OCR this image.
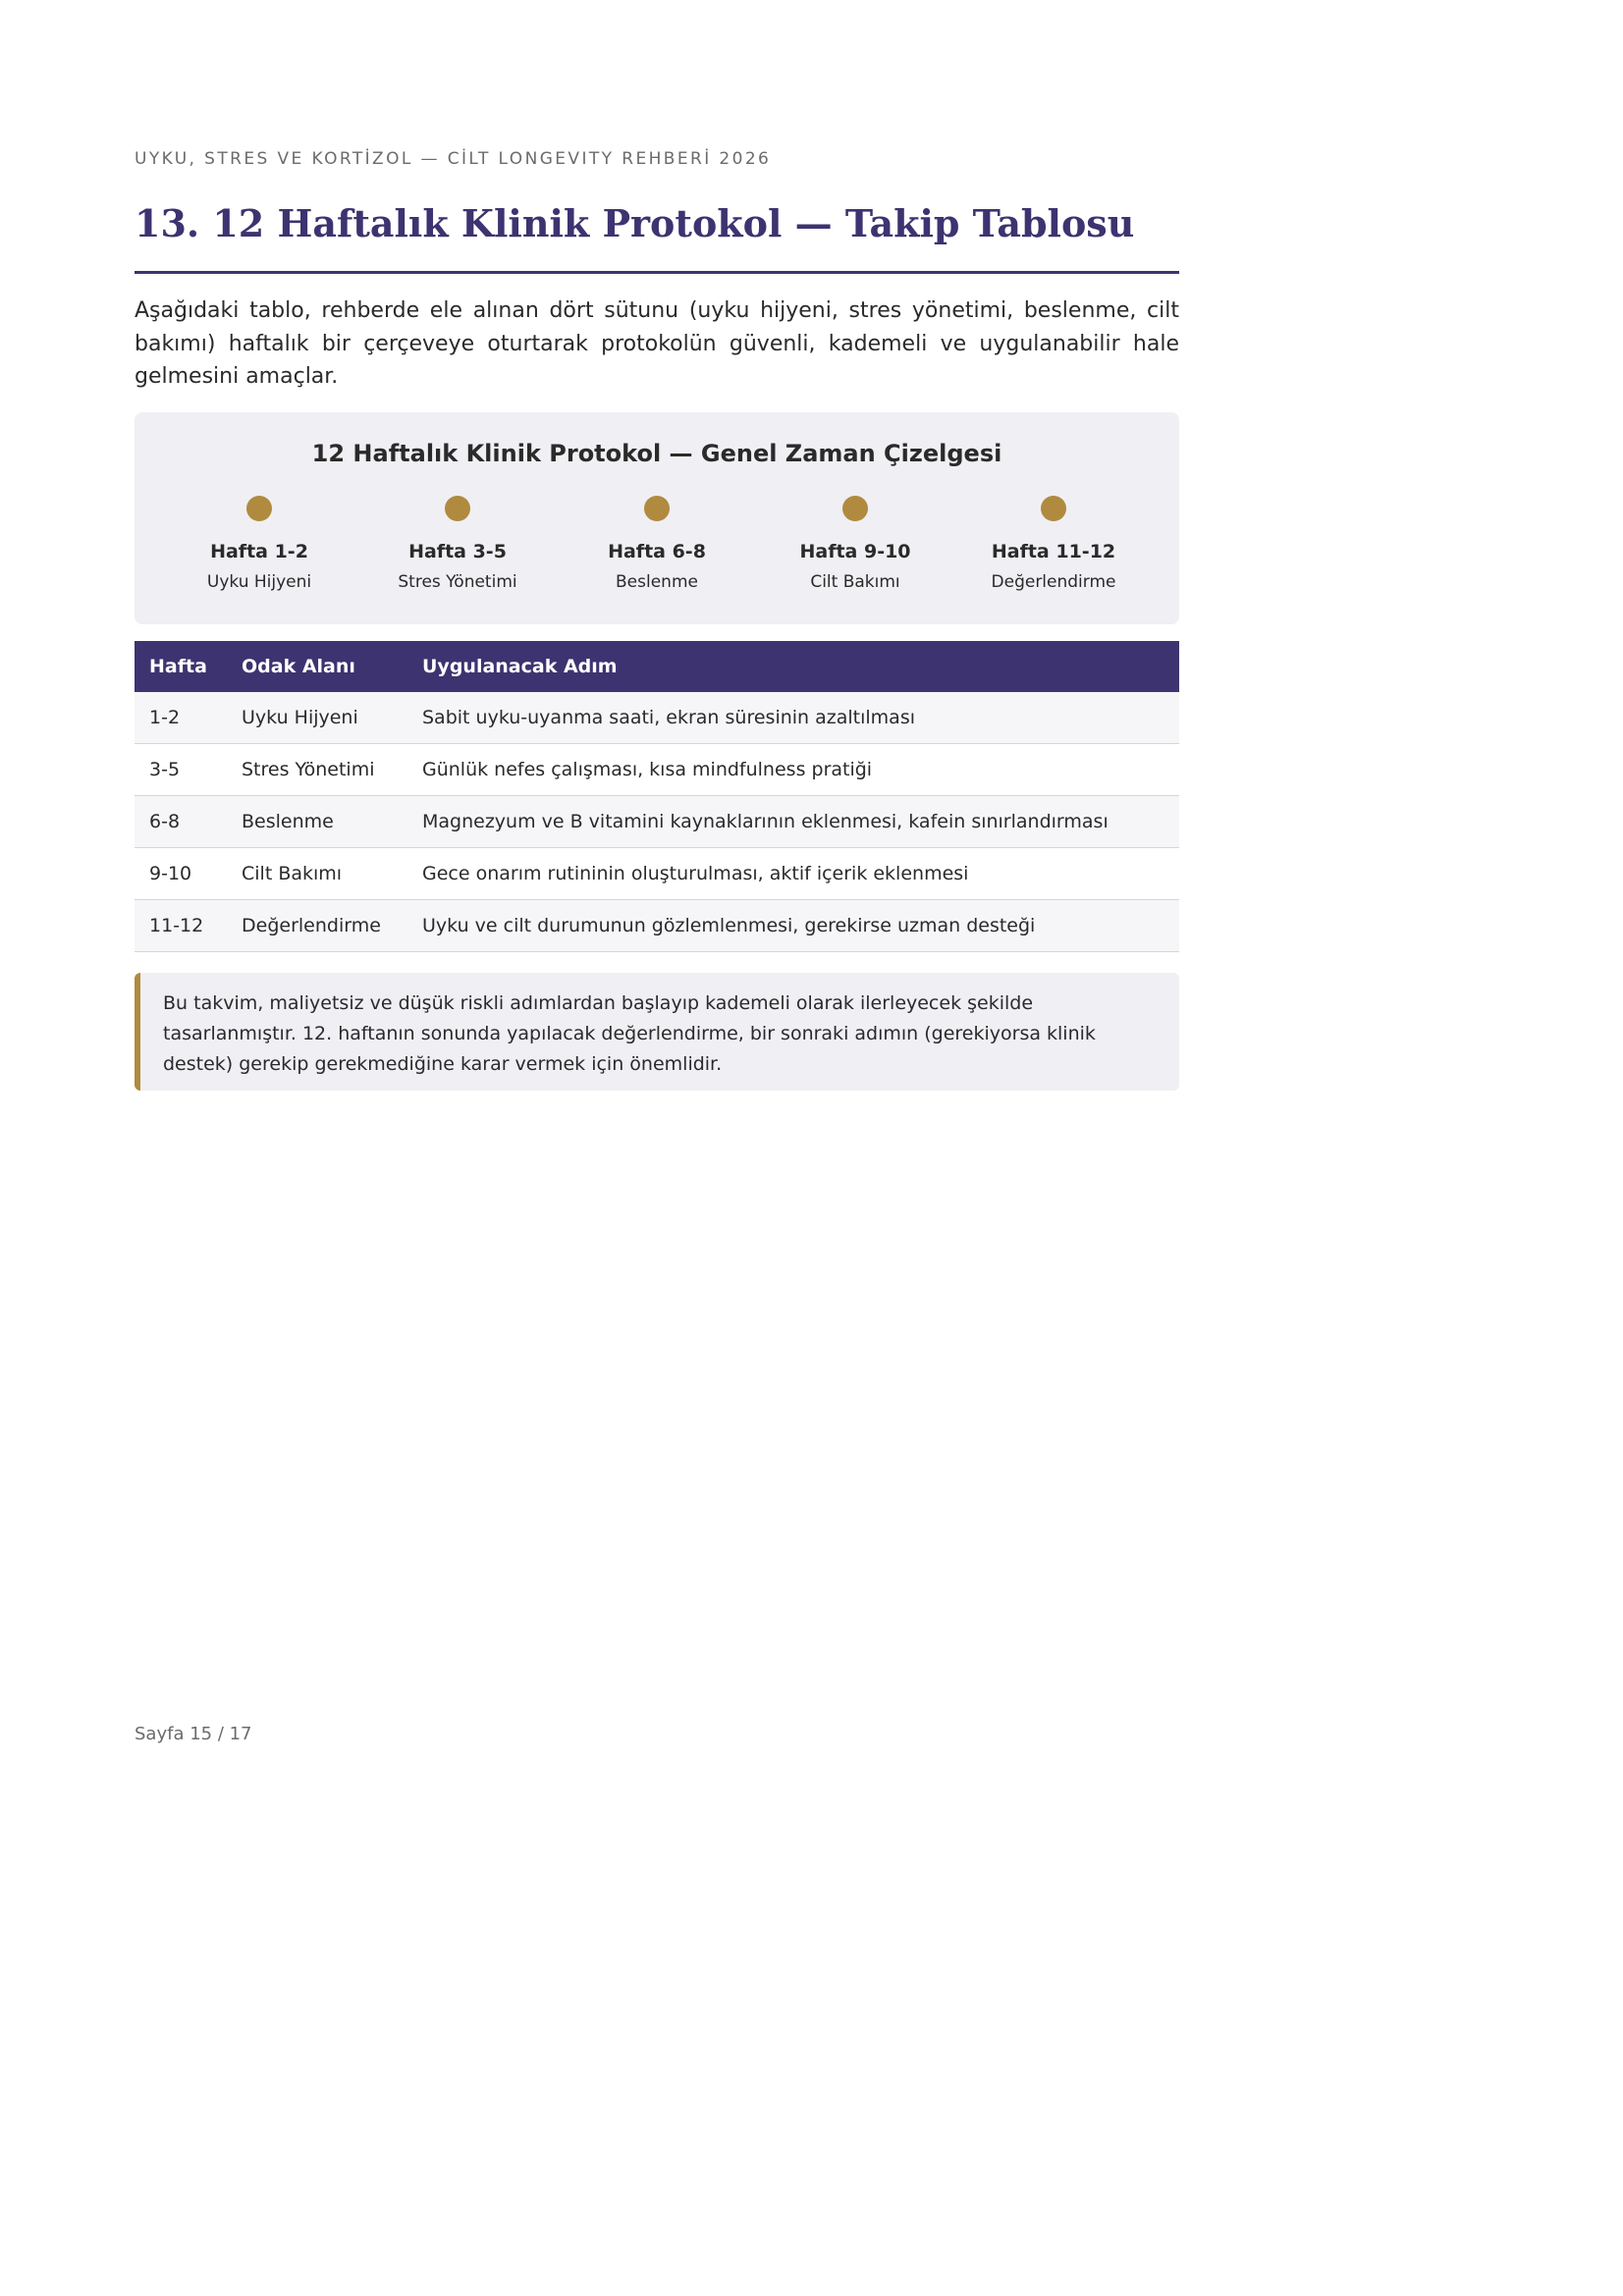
UYKU, STRES VE KORTİZOL — CİLT LONGEVITY REHBERİ 2026
13. 12 Haftalık Klinik Protokol — Takip Tablosu

Aşağıdaki tablo, rehberde ele alınan dört sütunu (uyku hijyeni, stres yönetimi, beslenme, cilt bakımı) haftalık bir çerçeveye oturtarak protokolün güvenli, kademeli ve uygulanabilir hale gelmesini amaçlar.

12 Haftalık Klinik Protokol — Genel Zaman Çizelgesi
Hafta 1-2
Uyku Hijyeni
Hafta 3-5
Stres Yönetimi
Hafta 6-8
Beslenme
Hafta 9-10
Cilt Bakımı
Hafta 11-12
Değerlendirme
Hafta	Odak Alanı	Uygulanacak Adım
1-2	Uyku Hijyeni	Sabit uyku-uyanma saati, ekran süresinin azaltılması
3-5	Stres Yönetimi	Günlük nefes çalışması, kısa mindfulness pratiği
6-8	Beslenme	Magnezyum ve B vitamini kaynaklarının eklenmesi, kafein sınırlandırması
9-10	Cilt Bakımı	Gece onarım rutininin oluşturulması, aktif içerik eklenmesi
11-12	Değerlendirme	Uyku ve cilt durumunun gözlemlenmesi, gerekirse uzman desteği
Bu takvim, maliyetsiz ve düşük riskli adımlardan başlayıp kademeli olarak ilerleyecek şekilde tasarlanmıştır. 12. haftanın sonunda yapılacak değerlendirme, bir sonraki adımın (gerekiyorsa klinik destek) gerekip gerekmediğine karar vermek için önemlidir.
Sayfa 15 / 17
